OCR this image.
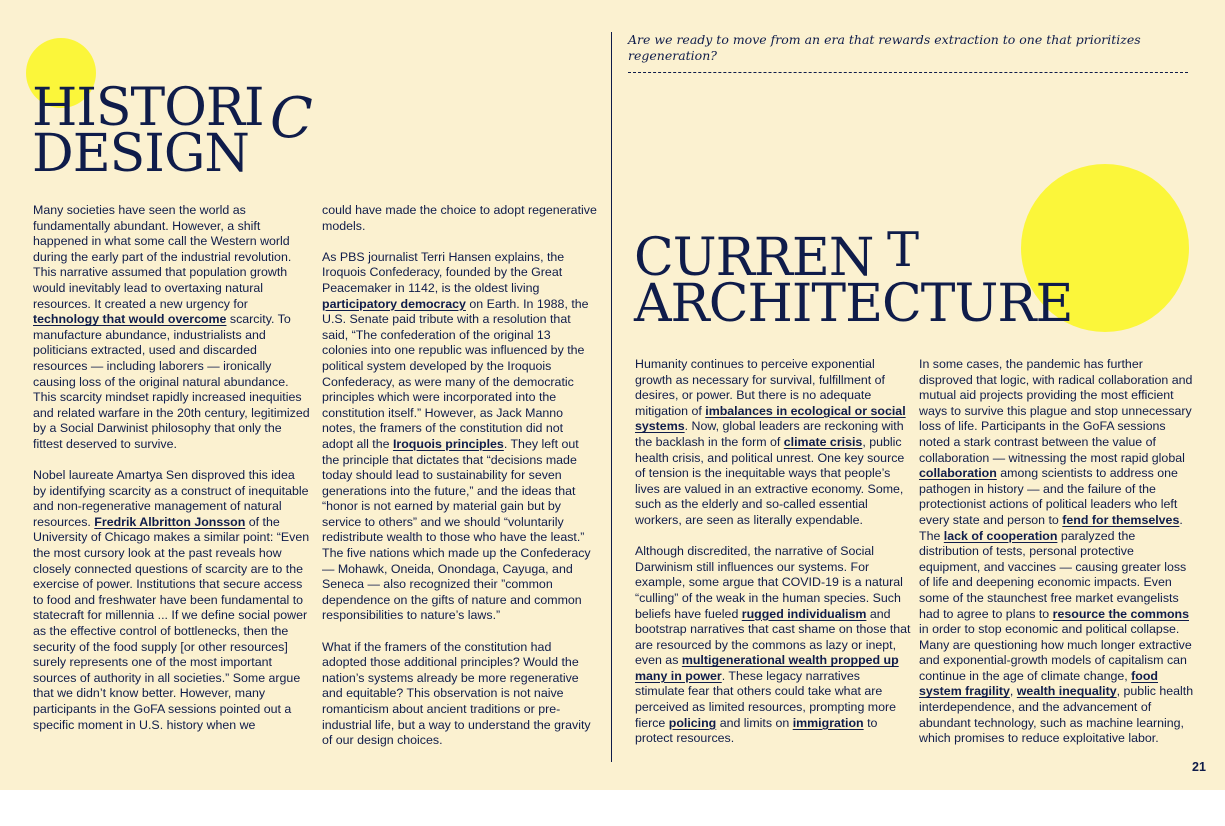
HISTORI
DESIGN
C

Many societies have seen the world as fundamentally abundant. However, a shift happened in what some call the Western world during the early part of the industrial revolution. This narrative assumed that population growth would inevitably lead to overtaxing natural resources. It created a new urgency for technology that would overcome scarcity. To manufacture abundance, industrialists and politicians extracted, used and discarded resources — including laborers — ironically causing loss of the original natural abundance. This scarcity mindset rapidly increased inequities and related warfare in the 20th century, legitimized by a Social Darwinist philosophy that only the fittest deserved to survive.

Nobel laureate Amartya Sen disproved this idea by identifying scarcity as a construct of inequitable and non-regenerative management of natural resources. Fredrik Albritton Jonsson of the University of Chicago makes a similar point: “Even the most cursory look at the past reveals how closely connected questions of scarcity are to the exercise of power. Institutions that secure access to food and freshwater have been fundamental to statecraft for millennia ... If we define social power as the effective control of bottlenecks, then the security of the food supply [or other resources] surely represents one of the most important sources of authority in all societies.” Some argue that we didn’t know better. However, many participants in the GoFA sessions pointed out a specific moment in U.S. history when we

could have made the choice to adopt regenerative models.

As PBS journalist Terri Hansen explains, the Iroquois Confederacy, founded by the Great Peacemaker in 1142, is the oldest living participatory democracy on Earth. In 1988, the U.S. Senate paid tribute with a resolution that said, “The confederation of the original 13 colonies into one republic was influenced by the political system developed by the Iroquois Confederacy, as were many of the democratic principles which were incorporated into the constitution itself.” However, as Jack Manno notes, the framers of the constitution did not adopt all the Iroquois principles. They left out the principle that dictates that “decisions made today should lead to sustainability for seven generations into the future,” and the ideas that “honor is not earned by material gain but by service to others” and we should “voluntarily redistribute wealth to those who have the least.” The five nations which made up the Confederacy — Mohawk, Oneida, Onondaga, Cayuga, and Seneca — also recognized their ”common dependence on the gifts of nature and common responsibilities to nature’s laws.”

What if the framers of the constitution had adopted those additional principles? Would the nation’s systems already be more regenerative and equitable? This observation is not naive romanticism about ancient traditions or pre-industrial life, but a way to understand the gravity of our design choices.

Are we ready to move from an era that rewards extraction to one that prioritizes regeneration?
CURREN
ARCHITECTURE
T

Humanity continues to perceive exponential growth as necessary for survival, fulfillment of desires, or power. But there is no adequate mitigation of imbalances in ecological or social systems. Now, global leaders are reckoning with the backlash in the form of climate crisis, public health crisis, and political unrest. One key source of tension is the inequitable ways that people’s lives are valued in an extractive economy. Some, such as the elderly and so-called essential workers, are seen as literally expendable.

Although discredited, the narrative of Social Darwinism still influences our systems. For example, some argue that COVID-19 is a natural “culling” of the weak in the human species. Such beliefs have fueled rugged individualism and bootstrap narratives that cast shame on those that are resourced by the commons as lazy or inept, even as multigenerational wealth propped up many in power. These legacy narratives stimulate fear that others could take what are perceived as limited resources, prompting more fierce policing and limits on immigration to protect resources.

In some cases, the pandemic has further disproved that logic, with radical collaboration and mutual aid projects providing the most efficient ways to survive this plague and stop unnecessary loss of life. Participants in the GoFA sessions noted a stark contrast between the value of collaboration — witnessing the most rapid global collaboration among scientists to address one pathogen in history — and the failure of the protectionist actions of political leaders who left every state and person to fend for themselves. The lack of cooperation paralyzed the distribution of tests, personal protective equipment, and vaccines — causing greater loss of life and deepening economic impacts. Even some of the staunchest free market evangelists had to agree to plans to resource the commons in order to stop economic and political collapse. Many are questioning how much longer extractive and exponential-growth models of capitalism can continue in the age of climate change, food system fragility, wealth inequality, public health interdependence, and the advancement of abundant technology, such as machine learning, which promises to reduce exploitative labor.

21
